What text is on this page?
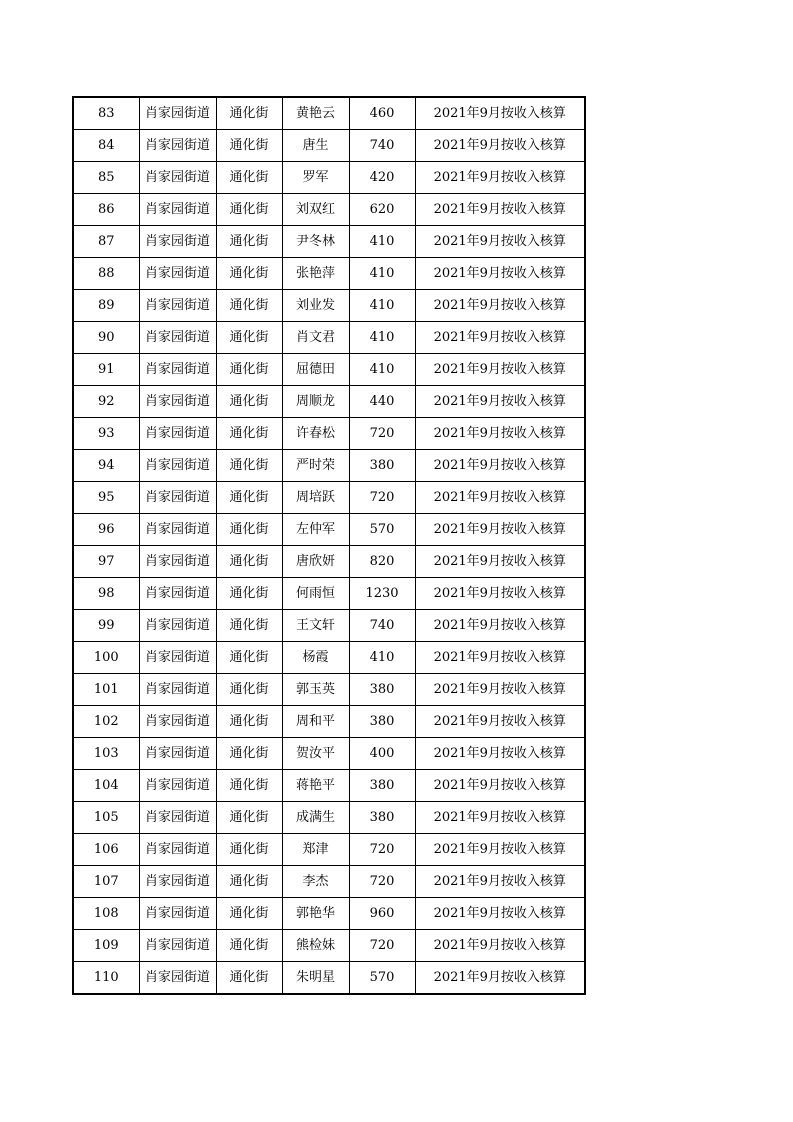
83	肖家园街道	通化街	黄艳云	460	2021年9月按收入核算
84	肖家园街道	通化街	唐生	740	2021年9月按收入核算
85	肖家园街道	通化街	罗军	420	2021年9月按收入核算
86	肖家园街道	通化街	刘双红	620	2021年9月按收入核算
87	肖家园街道	通化街	尹冬林	410	2021年9月按收入核算
88	肖家园街道	通化街	张艳萍	410	2021年9月按收入核算
89	肖家园街道	通化街	刘业发	410	2021年9月按收入核算
90	肖家园街道	通化街	肖文君	410	2021年9月按收入核算
91	肖家园街道	通化街	屈德田	410	2021年9月按收入核算
92	肖家园街道	通化街	周顺龙	440	2021年9月按收入核算
93	肖家园街道	通化街	许春松	720	2021年9月按收入核算
94	肖家园街道	通化街	严时荣	380	2021年9月按收入核算
95	肖家园街道	通化街	周培跃	720	2021年9月按收入核算
96	肖家园街道	通化街	左仲军	570	2021年9月按收入核算
97	肖家园街道	通化街	唐欣妍	820	2021年9月按收入核算
98	肖家园街道	通化街	何雨恒	1230	2021年9月按收入核算
99	肖家园街道	通化街	王文轩	740	2021年9月按收入核算
100	肖家园街道	通化街	杨霞	410	2021年9月按收入核算
101	肖家园街道	通化街	郭玉英	380	2021年9月按收入核算
102	肖家园街道	通化街	周和平	380	2021年9月按收入核算
103	肖家园街道	通化街	贺汝平	400	2021年9月按收入核算
104	肖家园街道	通化街	蒋艳平	380	2021年9月按收入核算
105	肖家园街道	通化街	成满生	380	2021年9月按收入核算
106	肖家园街道	通化街	郑津	720	2021年9月按收入核算
107	肖家园街道	通化街	李杰	720	2021年9月按收入核算
108	肖家园街道	通化街	郭艳华	960	2021年9月按收入核算
109	肖家园街道	通化街	熊检妹	720	2021年9月按收入核算
110	肖家园街道	通化街	朱明星	570	2021年9月按收入核算
